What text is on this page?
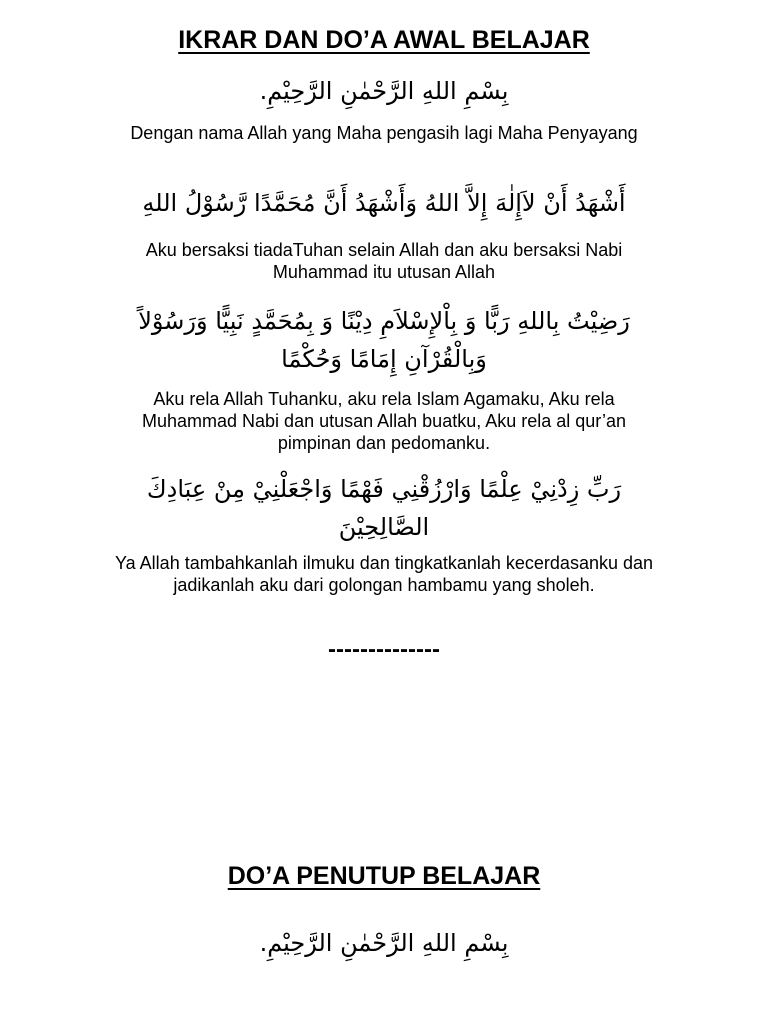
IKRAR DAN DO’A AWAL BELAJAR

بِسْمِ اللهِ الرَّحْمٰنِ الرَّحِيْمِ.

Dengan nama Allah yang Maha pengasih lagi Maha Penyayang

أَشْهَدُ أَنْ لاَإِلٰهَ إِلاَّ اللهُ وَأَشْهَدُ أَنَّ مُحَمَّدًا رَّسُوْلُ اللهِ

Aku bersaksi tiadaTuhan selain Allah dan aku bersaksi Nabi Muhammad itu utusan Allah

رَضِيْتُ بِاللهِ رَبًّا وَ بِاْلإِسْلاَمِ دِيْنًا وَ بِمُحَمَّدٍ نَبِيًّا وَرَسُوْلاً وَبِالْقُرْآنِ إِمَامًا وَحُكْمًا

Aku rela Allah Tuhanku, aku rela Islam Agamaku, Aku rela Muhammad Nabi dan utusan Allah buatku, Aku rela al qur’an pimpinan dan pedomanku.

رَبِّ زِدْنِيْ عِلْمًا وَارْزُقْنِي فَهْمًا وَاجْعَلْنِيْ مِنْ عِبَادِكَ الصَّالِحِيْنَ

Ya Allah tambahkanlah ilmuku dan tingkatkanlah kecerdasanku dan jadikanlah aku dari golongan hambamu yang sholeh.

--------------

DO’A PENUTUP BELAJAR

بِسْمِ اللهِ الرَّحْمٰنِ الرَّحِيْمِ.
